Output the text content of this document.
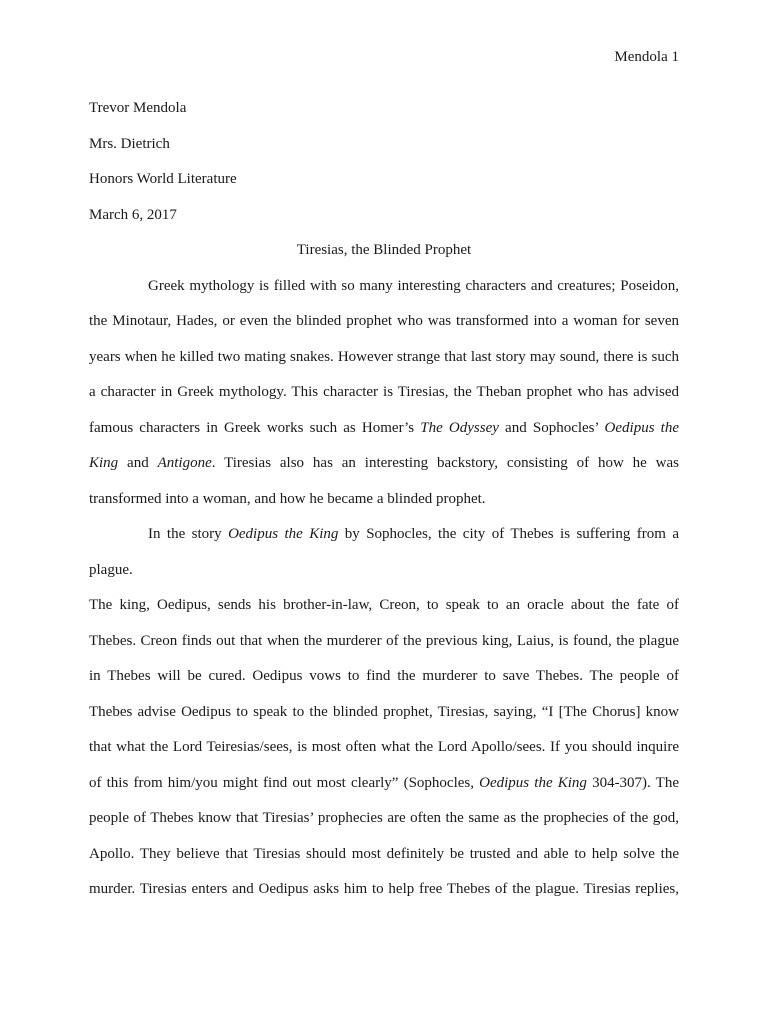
Mendola 1

Trevor Mendola

Mrs. Dietrich

Honors World Literature

March 6, 2017

Tiresias, the Blinded Prophet

Greek mythology is filled with so many interesting characters and creatures; Poseidon,
the Minotaur, Hades, or even the blinded prophet who was transformed into a woman for seven
years when he killed two mating snakes. However strange that last story may sound, there is such
a character in Greek mythology. This character is Tiresias, the Theban prophet who has advised
famous characters in Greek works such as Homer’s The Odyssey and Sophocles’ Oedipus the
King and Antigone. Tiresias also has an interesting backstory, consisting of how he was
transformed into a woman, and how he became a blinded prophet.
In the story Oedipus the King by Sophocles, the city of Thebes is suffering from a plague.
The king, Oedipus, sends his brother-in-law, Creon, to speak to an oracle about the fate of
Thebes. Creon finds out that when the murderer of the previous king, Laius, is found, the plague
in Thebes will be cured. Oedipus vows to find the murderer to save Thebes. The people of
Thebes advise Oedipus to speak to the blinded prophet, Tiresias, saying, “I [The Chorus] know
that what the Lord Teiresias/sees, is most often what the Lord Apollo/sees. If you should inquire
of this from him/you might find out most clearly” (Sophocles, Oedipus the King 304-307). The
people of Thebes know that Tiresias’ prophecies are often the same as the prophecies of the god,
Apollo. They believe that Tiresias should most definitely be trusted and able to help solve the
murder. Tiresias enters and Oedipus asks him to help free Thebes of the plague. Tiresias replies,
